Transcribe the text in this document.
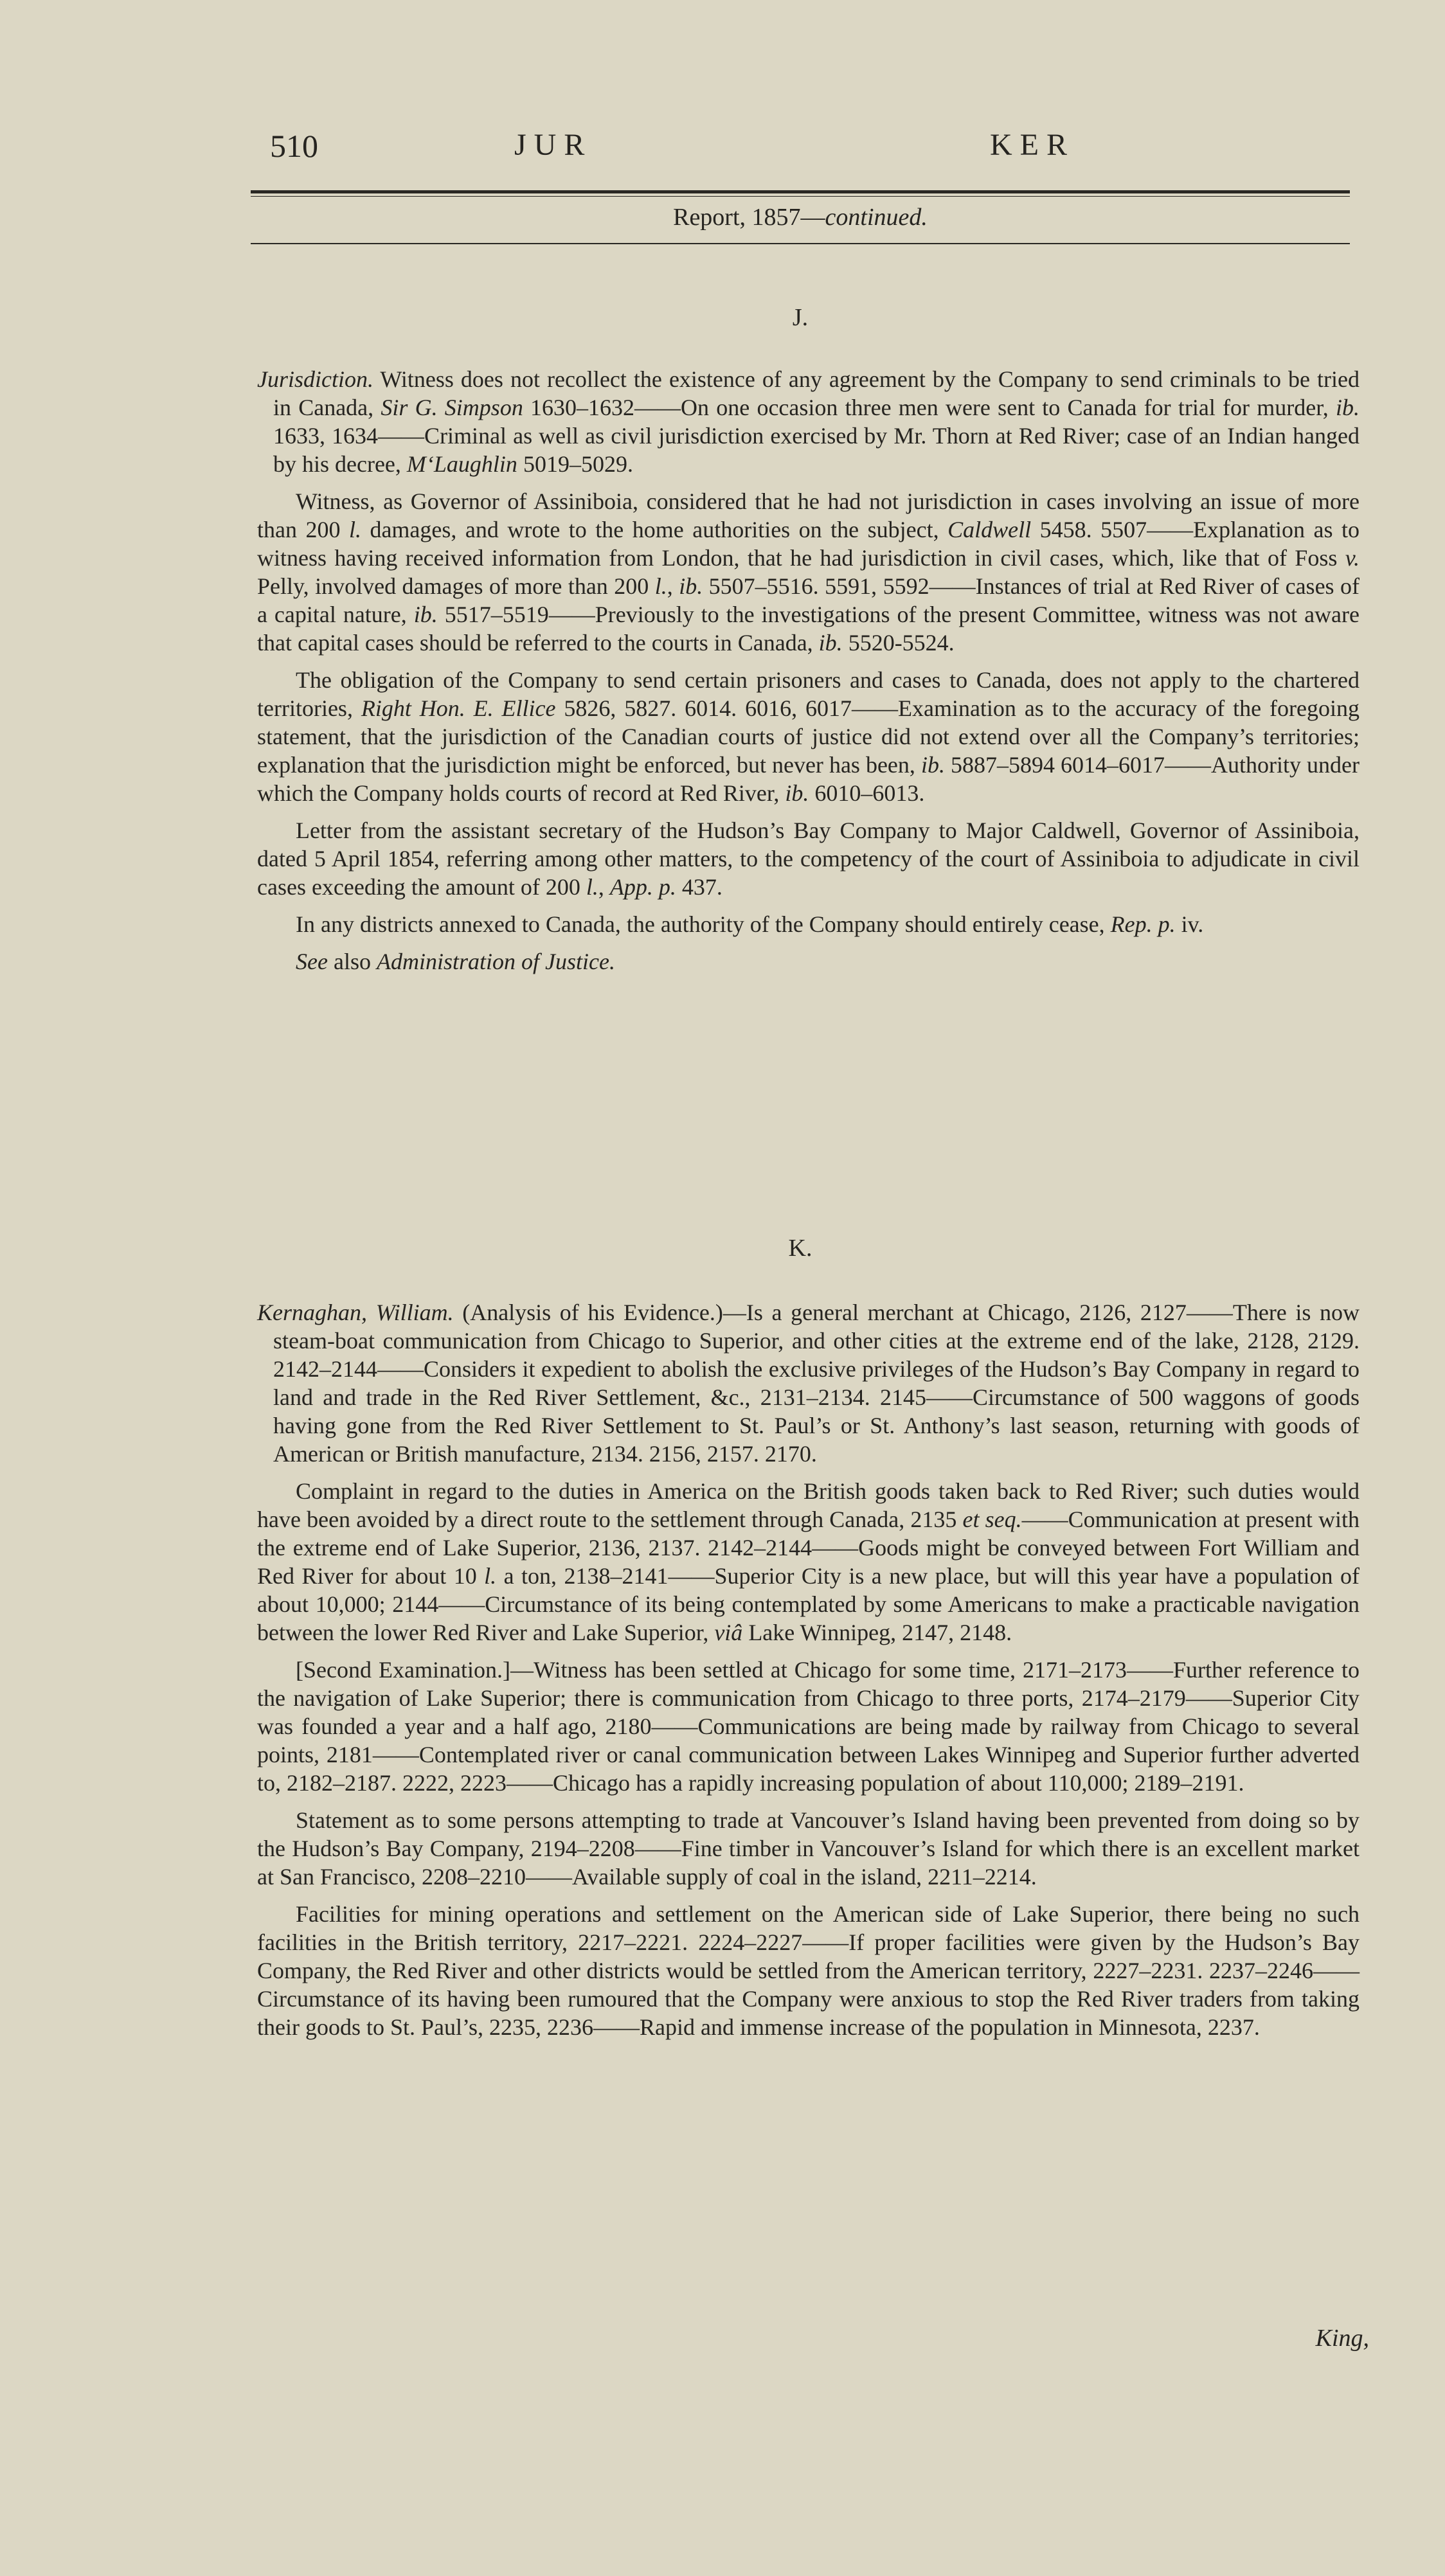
510	JUR	KER
Report, 1857—continued.
J.

Jurisdiction. Witness does not recollect the existence of any agreement by the Company to send criminals to be tried in Canada, Sir G. Simpson 1630–1632——On one occasion three men were sent to Canada for trial for murder, ib. 1633, 1634——Criminal as well as civil jurisdiction exercised by Mr. Thorn at Red River; case of an Indian hanged by his decree, M‘Laughlin 5019–5029.

Witness, as Governor of Assiniboia, considered that he had not jurisdiction in cases involving an issue of more than 200 l. damages, and wrote to the home authorities on the subject, Caldwell 5458. 5507——Explanation as to witness having received information from London, that he had jurisdiction in civil cases, which, like that of Foss v. Pelly, involved damages of more than 200 l., ib. 5507–5516. 5591, 5592——Instances of trial at Red River of cases of a capital nature, ib. 5517–5519——Previously to the investigations of the present Committee, witness was not aware that capital cases should be referred to the courts in Canada, ib. 5520-5524.

The obligation of the Company to send certain prisoners and cases to Canada, does not apply to the chartered territories, Right Hon. E. Ellice 5826, 5827. 6014. 6016, 6017——Examination as to the accuracy of the foregoing statement, that the jurisdiction of the Canadian courts of justice did not extend over all the Company’s territories; explanation that the jurisdiction might be enforced, but never has been, ib. 5887–5894 6014–6017——Authority under which the Company holds courts of record at Red River, ib. 6010–6013.

Letter from the assistant secretary of the Hudson’s Bay Company to Major Caldwell, Governor of Assiniboia, dated 5 April 1854, referring among other matters, to the competency of the court of Assiniboia to adjudicate in civil cases exceeding the amount of 200 l., App. p. 437.

In any districts annexed to Canada, the authority of the Company should entirely cease, Rep. p. iv.

See also Administration of Justice.

K.

Kernaghan, William. (Analysis of his Evidence.)—Is a general merchant at Chicago, 2126, 2127——There is now steam-boat communication from Chicago to Superior, and other cities at the extreme end of the lake, 2128, 2129. 2142–2144——Considers it expedient to abolish the exclusive privileges of the Hudson’s Bay Company in regard to land and trade in the Red River Settlement, &c., 2131–2134. 2145——Circumstance of 500 waggons of goods having gone from the Red River Settlement to St. Paul’s or St. Anthony’s last season, returning with goods of American or British manufacture, 2134. 2156, 2157. 2170.

Complaint in regard to the duties in America on the British goods taken back to Red River; such duties would have been avoided by a direct route to the settlement through Canada, 2135 et seq.——Communication at present with the extreme end of Lake Superior, 2136, 2137. 2142–2144——Goods might be conveyed between Fort William and Red River for about 10 l. a ton, 2138–2141——Superior City is a new place, but will this year have a population of about 10,000; 2144——Circumstance of its being contemplated by some Americans to make a practicable navigation between the lower Red River and Lake Superior, viâ Lake Winnipeg, 2147, 2148.

[Second Examination.]—Witness has been settled at Chicago for some time, 2171–2173——Further reference to the navigation of Lake Superior; there is communication from Chicago to three ports, 2174–2179——Superior City was founded a year and a half ago, 2180——Communications are being made by railway from Chicago to several points, 2181——Contemplated river or canal communication between Lakes Winnipeg and Superior further adverted to, 2182–2187. 2222, 2223——Chicago has a rapidly increasing population of about 110,000; 2189–2191.

Statement as to some persons attempting to trade at Vancouver’s Island having been prevented from doing so by the Hudson’s Bay Company, 2194–2208——Fine timber in Vancouver’s Island for which there is an excellent market at San Francisco, 2208–2210——Available supply of coal in the island, 2211–2214.

Facilities for mining operations and settlement on the American side of Lake Superior, there being no such facilities in the British territory, 2217–2221. 2224–2227——If proper facilities were given by the Hudson’s Bay Company, the Red River and other districts would be settled from the American territory, 2227–2231. 2237–2246——Circumstance of its having been rumoured that the Company were anxious to stop the Red River traders from taking their goods to St. Paul’s, 2235, 2236——Rapid and immense increase of the population in Minnesota, 2237.

King,
